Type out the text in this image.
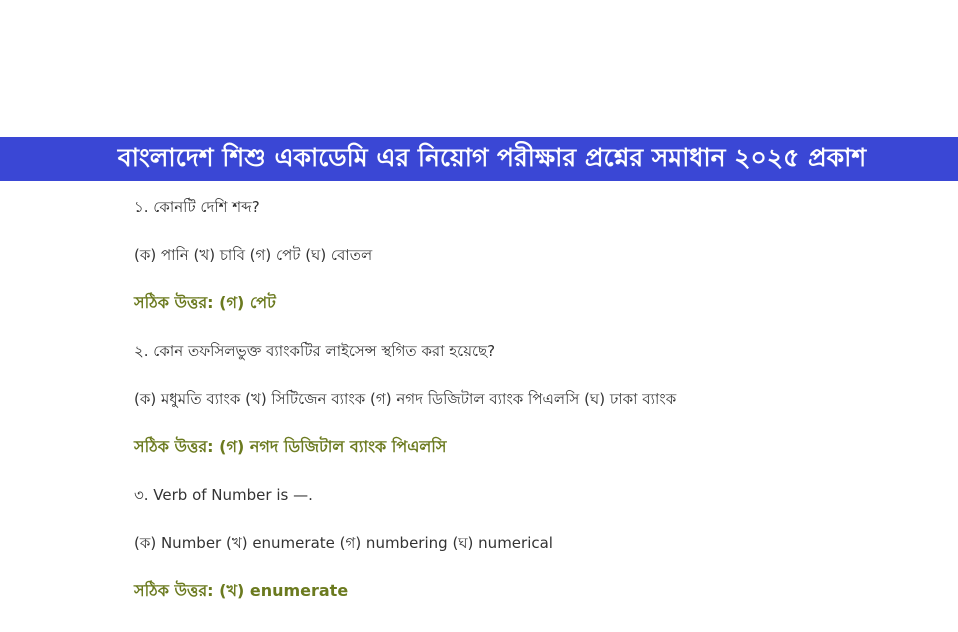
বাংলাদেশ শিশু একাডেমি এর নিয়োগ পরীক্ষার প্রশ্নের সমাধান ২০২৫ প্রকাশ
১. কোনটি দেশি শব্দ?
(ক) পানি (খ) চাবি (গ) পেট (ঘ) বোতল
সঠিক উত্তর: (গ) পেট
২. কোন তফসিলভুক্ত ব্যাংকটির লাইসেন্স স্থগিত করা হয়েছে?
(ক) মধুমতি ব্যাংক (খ) সিটিজেন ব্যাংক (গ) নগদ ডিজিটাল ব্যাংক পিএলসি (ঘ) ঢাকা ব্যাংক
সঠিক উত্তর: (গ) নগদ ডিজিটাল ব্যাংক পিএলসি
৩. Verb of Number is —.
(ক) Number (খ) enumerate (গ) numbering (ঘ) numerical
সঠিক উত্তর: (খ) enumerate
